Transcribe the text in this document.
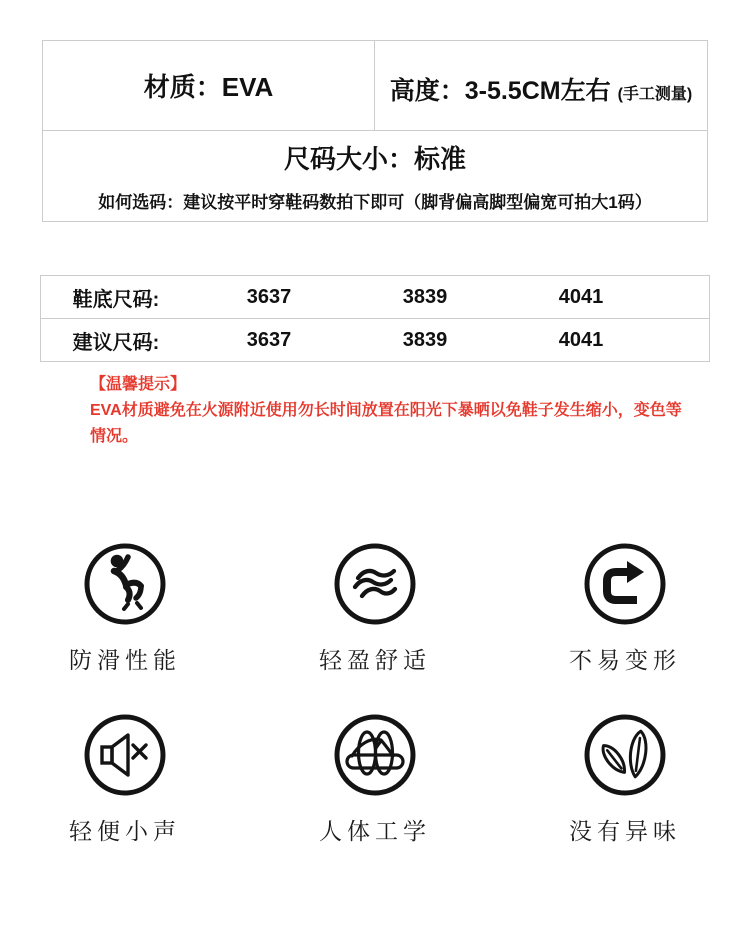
材质：EVA	高度：3-5.5CM左右 (手工测量)
尺码大小：标准
如何选码：建议按平时穿鞋码数拍下即可（脚背偏高脚型偏宽可拍大1码）
鞋底尺码:	3637	3839	4041
建议尺码:	3637	3839	4041
【温馨提示】
EVA材质避免在火源附近使用勿长时间放置在阳光下暴晒以免鞋子发生缩小，变色等情况。
防滑性能	轻盈舒适	不易变形
轻便小声	人体工学	没有异味
